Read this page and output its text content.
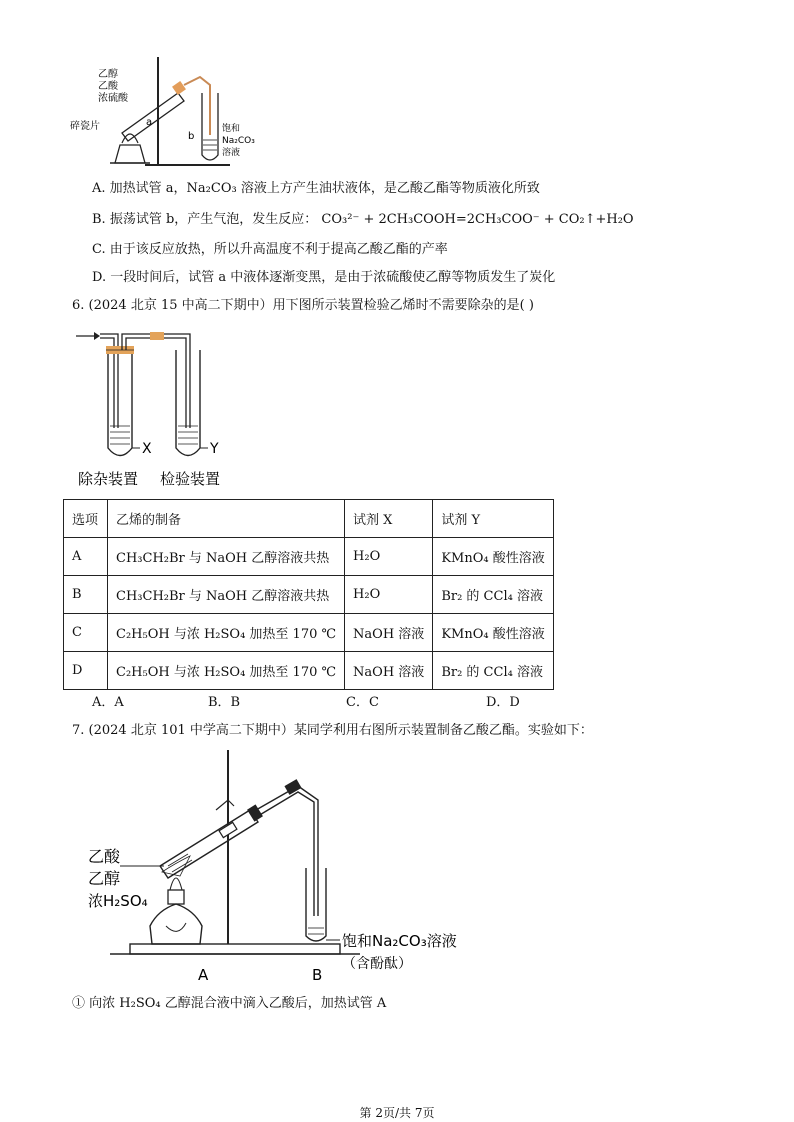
乙醇
乙酸
浓硫酸
碎瓷片	a
b
饱和
Na₂CO₃
溶液
A. 加热试管 a，Na₂CO₃ 溶液上方产生油状液体，是乙酸乙酯等物质液化所致
B. 振荡试管 b，产生气泡，发生反应： CO₃²⁻ + 2CH₃COOH=2CH₃COO⁻ + CO₂↑+H₂O
C. 由于该反应放热，所以升高温度不利于提高乙酸乙酯的产率
D. 一段时间后，试管 a 中液体逐渐变黑，是由于浓硫酸使乙醇等物质发生了炭化
6. (2024 北京 15 中高二下期中）用下图所示装置检验乙烯时不需要除杂的是( )
X	Y
除杂装置 检验装置
选项	乙烯的制备	试剂 X	试剂 Y
A	CH₃CH₂Br 与 NaOH 乙醇溶液共热	H₂O	KMnO₄ 酸性溶液
B	CH₃CH₂Br 与 NaOH 乙醇溶液共热	H₂O	Br₂ 的 CCl₄ 溶液
C	C₂H₅OH 与浓 H₂SO₄ 加热至 170 ℃	NaOH 溶液	KMnO₄ 酸性溶液
D	C₂H₅OH 与浓 H₂SO₄ 加热至 170 ℃	NaOH 溶液	Br₂ 的 CCl₄ 溶液
A．A	B．B	C．C	D．D
7. (2024 北京 101 中学高二下期中）某同学利用右图所示装置制备乙酸乙酯。实验如下：
乙酸
乙醇
浓H₂SO₄
A	B
饱和Na₂CO₃溶液
（含酚酞）
① 向浓 H₂SO₄ 乙醇混合液中滴入乙酸后，加热试管 A
第 2页/共 7页
